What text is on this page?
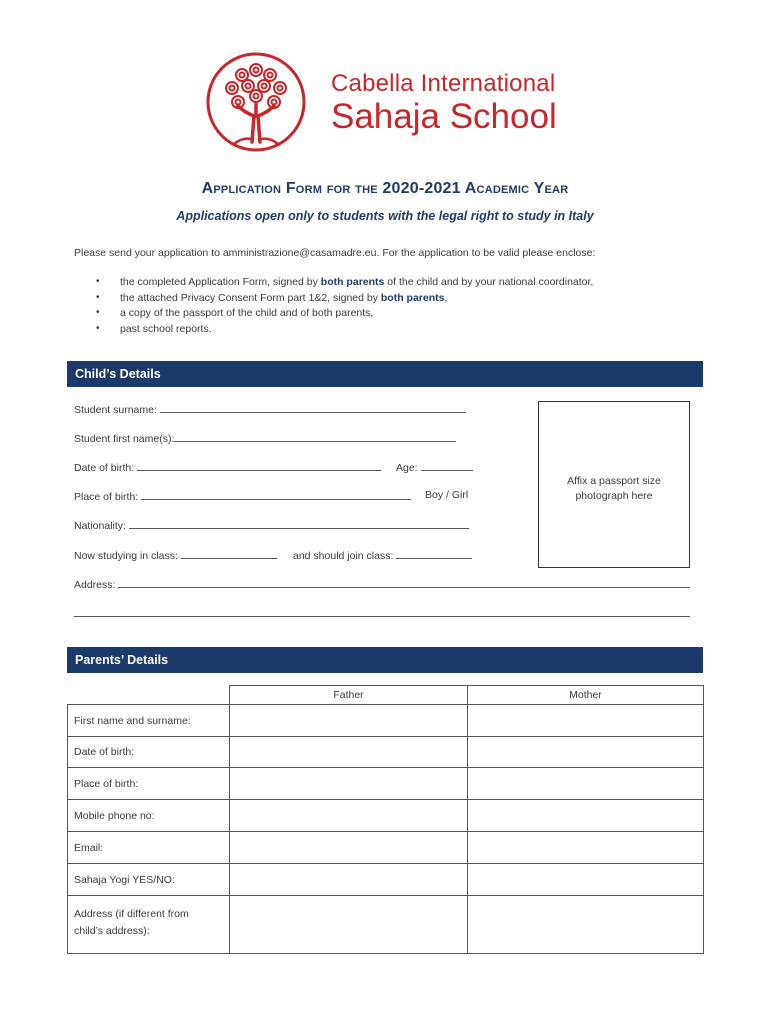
Cabella International
Sahaja School
Application Form for the 2020-2021 Academic Year
Applications open only to students with the legal right to study in Italy
Please send your application to amministrazione@casamadre.eu. For the application to be valid please enclose:
•	the completed Application Form, signed by both parents of the child and by your national coordinator,
•	the attached Privacy Consent Form part 1&2, signed by both parents,
•	a copy of the passport of the child and of both parents,
•	past school reports.
Child’s Details
Student surname:
Student first name(s):
Date of birth:	Age:
Place of birth:	Boy / Girl
Nationality:
Now studying in class:	and should join class:
Address:
Affix a passport size
photograph here
Parents’ Details
	Father	Mother
First name and surname:		
Date of birth:		
Place of birth:		
Mobile phone no:		
Email:		
Sahaja Yogi YES/NO:		

Address (if different from
child’s address):		
